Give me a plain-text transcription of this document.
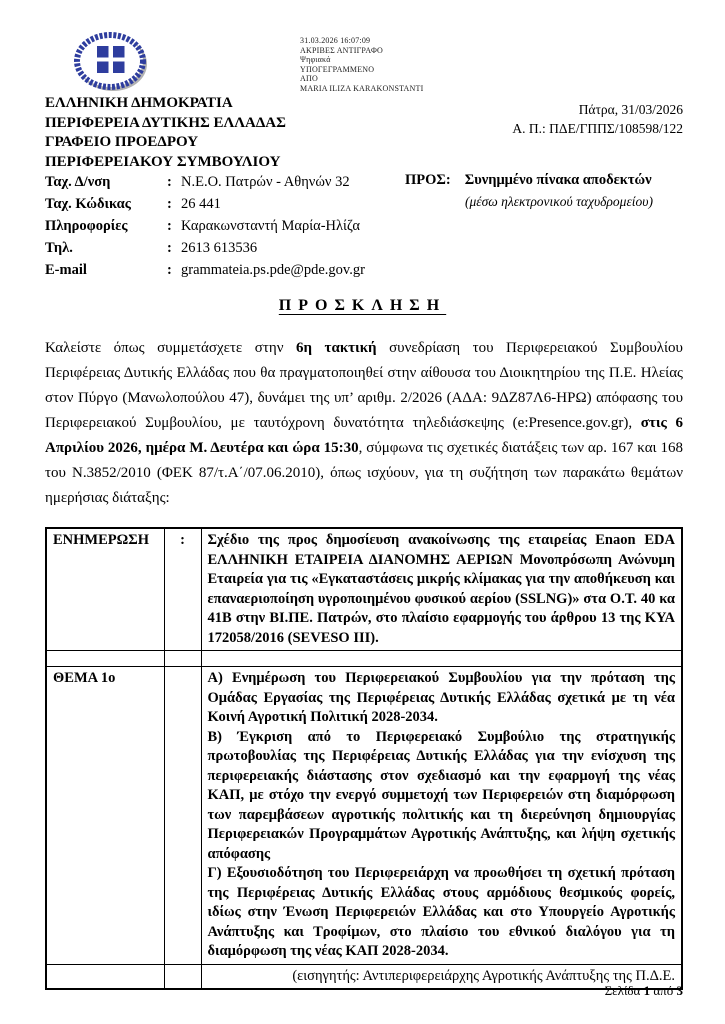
31.03.2026 16:07:09
ΑΚΡΙΒΕΣ ΑΝΤΙΓΡΑΦΟ
Ψηφιακά
ΥΠΟΓΕΓΡΑΜΜΕΝΟ
ΑΠΟ
MARIA ILIZA KARAKONSTANTI
ΕΛΛΗΝΙΚΗ ΔΗΜΟΚΡΑΤΙΑ
ΠΕΡΙΦΕΡΕΙΑ ΔΥΤΙΚΗΣ ΕΛΛΑΔΑΣ
ΓΡΑΦΕΙΟ ΠΡΟΕΔΡΟΥ
ΠΕΡΙΦΕΡΕΙΑΚΟΥ ΣΥΜΒΟΥΛΙΟΥ
Πάτρα, 31/03/2026
Α. Π.: ΠΔΕ/ΓΠΠΣ/108598/122
Ταχ. Δ/νση	: Ν.Ε.Ο. Πατρών - Αθηνών 32
Ταχ. Κώδικας	: 26 441
Πληροφορίες	: Καρακωνσταντή Μαρία-Ηλίζα
Τηλ.	: 2613 613536
E-mail	: grammateia.ps.pde@pde.gov.gr
ΠΡΟΣ: Συνημμένο πίνακα αποδεκτών
(μέσω ηλεκτρονικού ταχυδρομείου)
ΠΡΟΣΚΛΗΣΗ

Καλείστε όπως συμμετάσχετε στην 6η τακτική συνεδρίαση του Περιφερειακού Συμβουλίου Περιφέρειας Δυτικής Ελλάδας που θα πραγματοποιηθεί στην αίθουσα του Διοικητηρίου της Π.Ε. Ηλείας στον Πύργο (Μανωλοπούλου 47), δυνάμει της υπ’ αριθμ. 2/2026 (ΑΔΑ: 9ΔΖ87Λ6-ΗΡΩ) απόφασης του Περιφερειακού Συμβουλίου, με ταυτόχρονη δυνατότητα τηλεδιάσκεψης (e:Presence.gov.gr), στις 6 Απριλίου 2026, ημέρα Μ. Δευτέρα και ώρα 15:30, σύμφωνα τις σχετικές διατάξεις των αρ. 167 και 168 του Ν.3852/2010 (ΦΕΚ 87/τ.Α΄/07.06.2010), όπως ισχύουν, για τη συζήτηση των παρακάτω θεμάτων ημερήσιας διάταξης:

ΕΝΗΜΕΡΩΣΗ	:	Σχέδιο της προς δημοσίευση ανακοίνωσης της εταιρείας Enaon EDA ΕΛΛΗΝΙΚΗ ΕΤΑΙΡΕΙΑ ΔΙΑΝΟΜΗΣ ΑΕΡΙΩΝ Μονοπρόσωπη Ανώνυμη Εταιρεία για τις «Εγκαταστάσεις μικρής κλίμακας για την αποθήκευση και επαναεριοποίηση υγροποιημένου φυσικού αερίου (SSLNG)» στα Ο.Τ. 40 κα 41Β στην ΒΙ.ΠΕ. Πατρών, στο πλαίσιο εφαρμογής του άρθρου 13 της ΚΥΑ 172058/2016 (SEVESO III).

ΘΕΜΑ 1ο		Α) Ενημέρωση του Περιφερειακού Συμβουλίου για την πρόταση της Ομάδας Εργασίας της Περιφέρειας Δυτικής Ελλάδας σχετικά με τη νέα Κοινή Αγροτική Πολιτική 2028-2034.
Β) Έγκριση από το Περιφερειακό Συμβούλιο της στρατηγικής πρωτοβουλίας της Περιφέρειας Δυτικής Ελλάδας για την ενίσχυση της περιφερειακής διάστασης στον σχεδιασμό και την εφαρμογή της νέας ΚΑΠ, με στόχο την ενεργό συμμετοχή των Περιφερειών στη διαμόρφωση των παρεμβάσεων αγροτικής πολιτικής και τη διερεύνηση δημιουργίας Περιφερειακών Προγραμμάτων Αγροτικής Ανάπτυξης, και λήψη σχετικής απόφασης
Γ) Εξουσιοδότηση του Περιφερειάρχη να προωθήσει τη σχετική πρόταση της Περιφέρειας Δυτικής Ελλάδας στους αρμόδιους θεσμικούς φορείς, ιδίως στην Ένωση Περιφερειών Ελλάδας και στο Υπουργείο Αγροτικής Ανάπτυξης και Τροφίμων, στο πλαίσιο του εθνικού διαλόγου για τη διαμόρφωση της νέας ΚΑΠ 2028-2034.

		(εισηγητής: Αντιπεριφερειάρχης Αγροτικής Ανάπτυξης της Π.Δ.Ε.
Σελίδα 1 από 3
